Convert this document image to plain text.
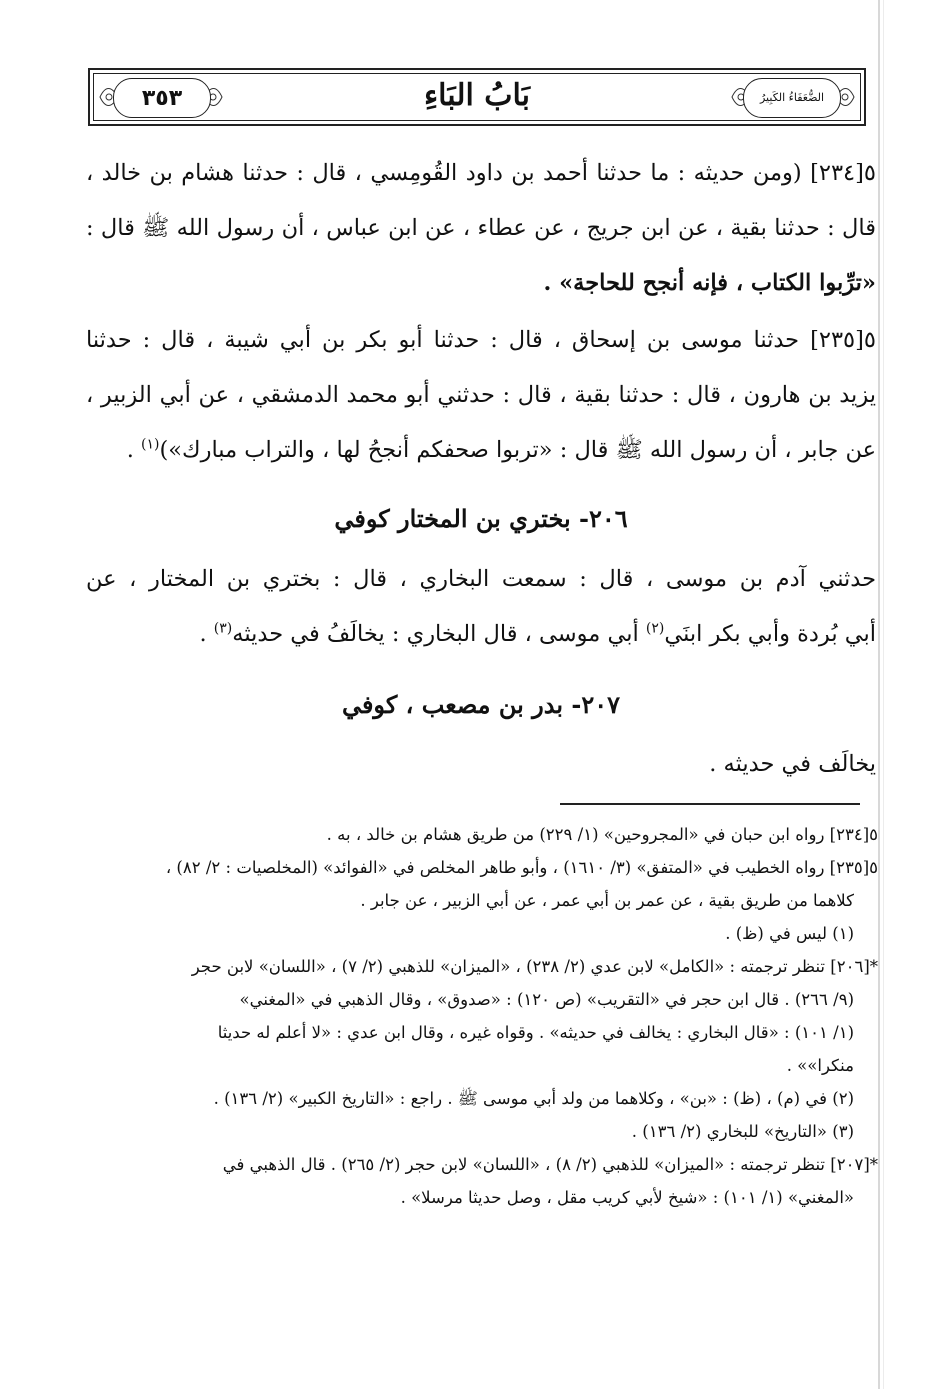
٣٥٣	بَابُ البَاءِ	الضُّعَفَاءُ الكَبِيرُ
٥[٢٣٤] (ومن حديثه : ما حدثنا أحمد بن داود القُومِسي ، قال : حدثنا هشام بن خالد ،
قال : حدثنا بقية ، عن ابن جريج ، عن عطاء ، عن ابن عباس ، أن رسول الله ﷺ قال :
«ترِّبوا الكتاب ، فإنه أنجح للحاجة» .
٥[٢٣٥] حدثنا موسى بن إسحاق ، قال : حدثنا أبو بكر بن أبي شيبة ، قال : حدثنا
يزيد بن هارون ، قال : حدثنا بقية ، قال : حدثني أبو محمد الدمشقي ، عن أبي الزبير ،
عن جابر ، أن رسول الله ﷺ قال : «تربوا صحفكم أنجحُ لها ، والتراب مبارك»)$^{(١)}$ .
٢٠٦- بختري بن المختار كوفي
حدثني آدم بن موسى ، قال : سمعت البخاري ، قال : بختري بن المختار ، عن
أبي بُردة وأبي بكر ابنَي$^{(٢)}$ أبي موسى ، قال البخاري : يخالَفُ في حديثه$^{(٣)}$ .
٢٠٧- بدر بن مصعب ، كوفي
يخالَف في حديثه .
٥[٢٣٤] رواه ابن حبان في «المجروحين» (١/ ٢٢٩) من طريق هشام بن خالد ، به .
٥[٢٣٥] رواه الخطيب في «المتفق» (٣/ ١٦١٠) ، وأبو طاهر المخلص في «الفوائد» (المخلصيات : ٢/ ٨٢) ،
كلاهما من طريق بقية ، عن عمر بن أبي عمر ، عن أبي الزبير ، عن جابر .
(١) ليس في (ظ) .
*[٢٠٦] تنظر ترجمته : «الكامل» لابن عدي (٢/ ٢٣٨) ، «الميزان» للذهبي (٢/ ٧) ، «اللسان» لابن حجر
(٩/ ٢٦٦) . قال ابن حجر في «التقريب» (ص ١٢٠) : «صدوق» ، وقال الذهبي في «المغني»
(١/ ١٠١) : «قال البخاري : يخالف في حديثه» . وقواه غيره ، وقال ابن عدي : «لا أعلم له حديثا
منكرا»» .
(٢) في (م) ، (ظ) : «بن» ، وكلاهما من ولد أبي موسى ﷺ . راجع : «التاريخ الكبير» (٢/ ١٣٦) .
(٣) «التاريخ» للبخاري (٢/ ١٣٦) .
*[٢٠٧] تنظر ترجمته : «الميزان» للذهبي (٢/ ٨) ، «اللسان» لابن حجر (٢/ ٢٦٥) . قال الذهبي في
«المغني» (١/ ١٠١) : «شيخ لأبي كريب مقل ، وصل حديثا مرسلا» .
